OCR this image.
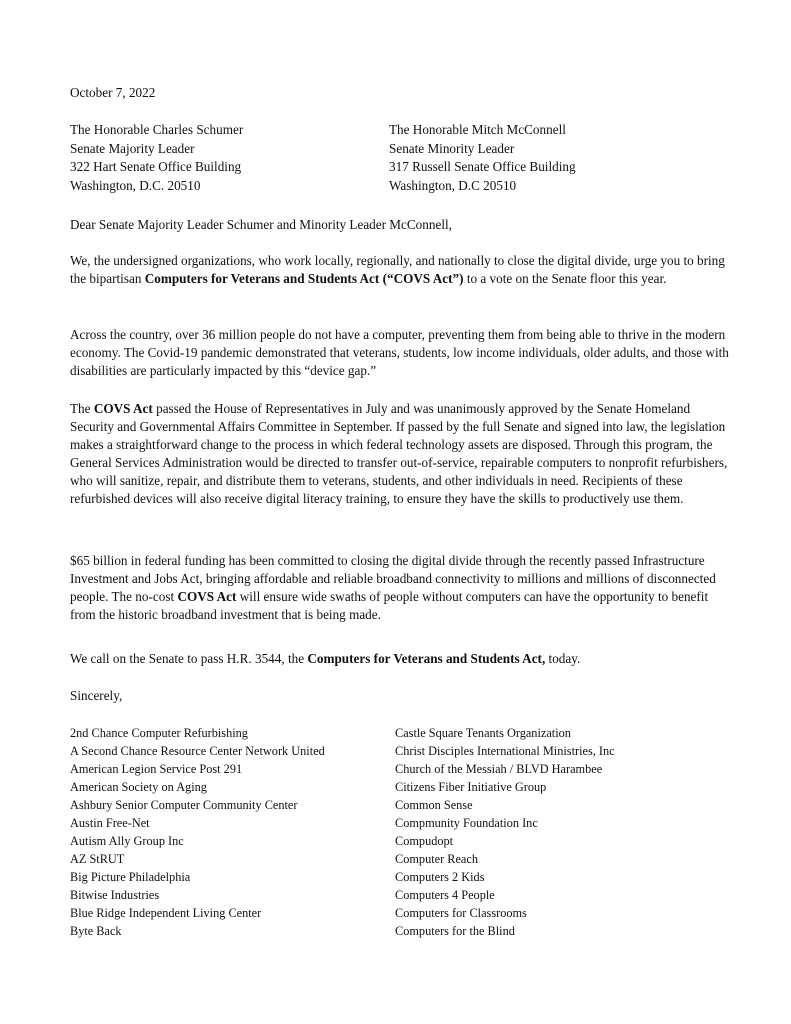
October 7, 2022

The Honorable Charles Schumer
Senate Majority Leader
322 Hart Senate Office Building
Washington, D.C. 20510
The Honorable Mitch McConnell
Senate Minority Leader
317 Russell Senate Office Building
Washington, D.C 20510

Dear Senate Majority Leader Schumer and Minority Leader McConnell,

We, the undersigned organizations, who work locally, regionally, and nationally to close the digital divide, urge you to bring the bipartisan Computers for Veterans and Students Act (“COVS Act”) to a vote on the Senate floor this year.

Across the country, over 36 million people do not have a computer, preventing them from being able to thrive in the modern economy. The Covid-19 pandemic demonstrated that veterans, students, low income individuals, older adults, and those with disabilities are particularly impacted by this “device gap.”

The COVS Act passed the House of Representatives in July and was unanimously approved by the Senate Homeland Security and Governmental Affairs Committee in September. If passed by the full Senate and signed into law, the legislation makes a straightforward change to the process in which federal technology assets are disposed. Through this program, the General Services Administration would be directed to transfer out-of-service, repairable computers to nonprofit refurbishers, who will sanitize, repair, and distribute them to veterans, students, and other individuals in need. Recipients of these refurbished devices will also receive digital literacy training, to ensure they have the skills to productively use them.

$65 billion in federal funding has been committed to closing the digital divide through the recently passed Infrastructure Investment and Jobs Act, bringing affordable and reliable broadband connectivity to millions and millions of disconnected people. The no-cost COVS Act will ensure wide swaths of people without computers can have the opportunity to benefit from the historic broadband investment that is being made.

We call on the Senate to pass H.R. 3544, the Computers for Veterans and Students Act, today.

Sincerely,

2nd Chance Computer Refurbishing
A Second Chance Resource Center Network United
American Legion Service Post 291
American Society on Aging
Ashbury Senior Computer Community Center
Austin Free-Net
Autism Ally Group Inc
AZ StRUT
Big Picture Philadelphia
Bitwise Industries
Blue Ridge Independent Living Center
Byte Back
Castle Square Tenants Organization
Christ Disciples International Ministries, Inc
Church of the Messiah / BLVD Harambee
Citizens Fiber Initiative Group
Common Sense
Compmunity Foundation Inc
Compudopt
Computer Reach
Computers 2 Kids
Computers 4 People
Computers for Classrooms
Computers for the Blind
